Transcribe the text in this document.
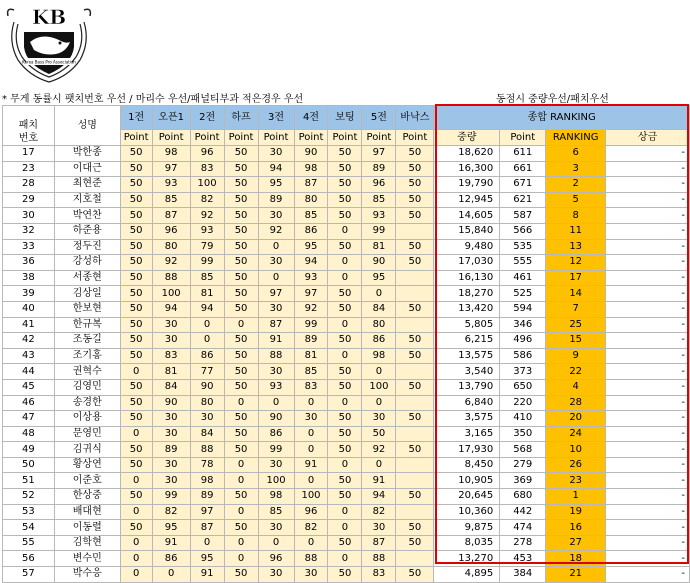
Korea Bass Pro Association
KB
* 무게 동률시 팻치번호 우선 / 마리수 우선/패널티부과 적은경우 우선	동점시 중량우선/패치우선

패치
번호	성명	1전	오픈1	2전	하프	3전	4전	보팅	5전	바낙스	종합 RANKING			
		Point	Point	Point	Point	Point	Point	Point	Point	Point	중량	Point	RANKING	상금
17	박한종	50	98	96	50	30	90	50	97	50	18,620	611	6	-
23	이대근	50	97	83	50	94	98	50	89	50	16,300	661	3	-
28	최현준	50	93	100	50	95	87	50	96	50	19,790	671	2	-
29	지호철	50	85	82	50	89	80	50	85	50	12,945	621	5	-
30	박연찬	50	87	92	50	30	85	50	93	50	14,605	587	8	-
32	하준용	50	96	93	50	92	86	0	99		15,840	566	11	-
33	정두진	50	80	79	50	0	95	50	81	50	9,480	535	13	-
36	강성하	50	92	99	50	30	94	0	90	50	17,030	555	12	-
38	서종현	50	88	85	50	0	93	0	95		16,130	461	17	-
39	김상일	50	100	81	50	97	97	50	0		18,270	525	14	-
40	한보현	50	94	94	50	30	92	50	84	50	13,420	594	7	-
41	한규복	50	30	0	0	87	99	0	80		5,805	346	25	-
42	조동길	50	30	0	50	91	89	50	86	50	6,215	496	15	-
43	조기홍	50	83	86	50	88	81	0	98	50	13,575	586	9	-
44	권혁수	0	81	77	50	30	85	50	0		3,540	373	22	-
45	김영민	50	84	90	50	93	83	50	100	50	13,790	650	4	-
46	송경한	50	90	80	0	0	0	0	0		6,840	220	28	-
47	이상용	50	30	30	50	90	30	50	30	50	3,575	410	20	-
48	문영민	0	30	84	50	86	0	50	50		3,165	350	24	-
49	김귀식	50	89	88	50	99	0	50	92	50	17,930	568	10	-
50	황상연	50	30	78	0	30	91	0	0		8,450	279	26	-
51	이준호	0	30	98	0	100	0	50	91		10,905	369	23	-
52	한상중	50	99	89	50	98	100	50	94	50	20,645	680	1	-
53	배대현	0	82	97	0	85	96	0	82		10,360	442	19	-
54	이동렬	50	95	87	50	30	82	0	30	50	9,875	474	16	-
55	김학현	0	91	0	0	0	0	50	87	50	8,035	278	27	-
56	변수민	0	86	95	0	96	88	0	88		13,270	453	18	-
57	박수응	0	0	91	50	30	30	50	83	50	4,895	384	21	-
